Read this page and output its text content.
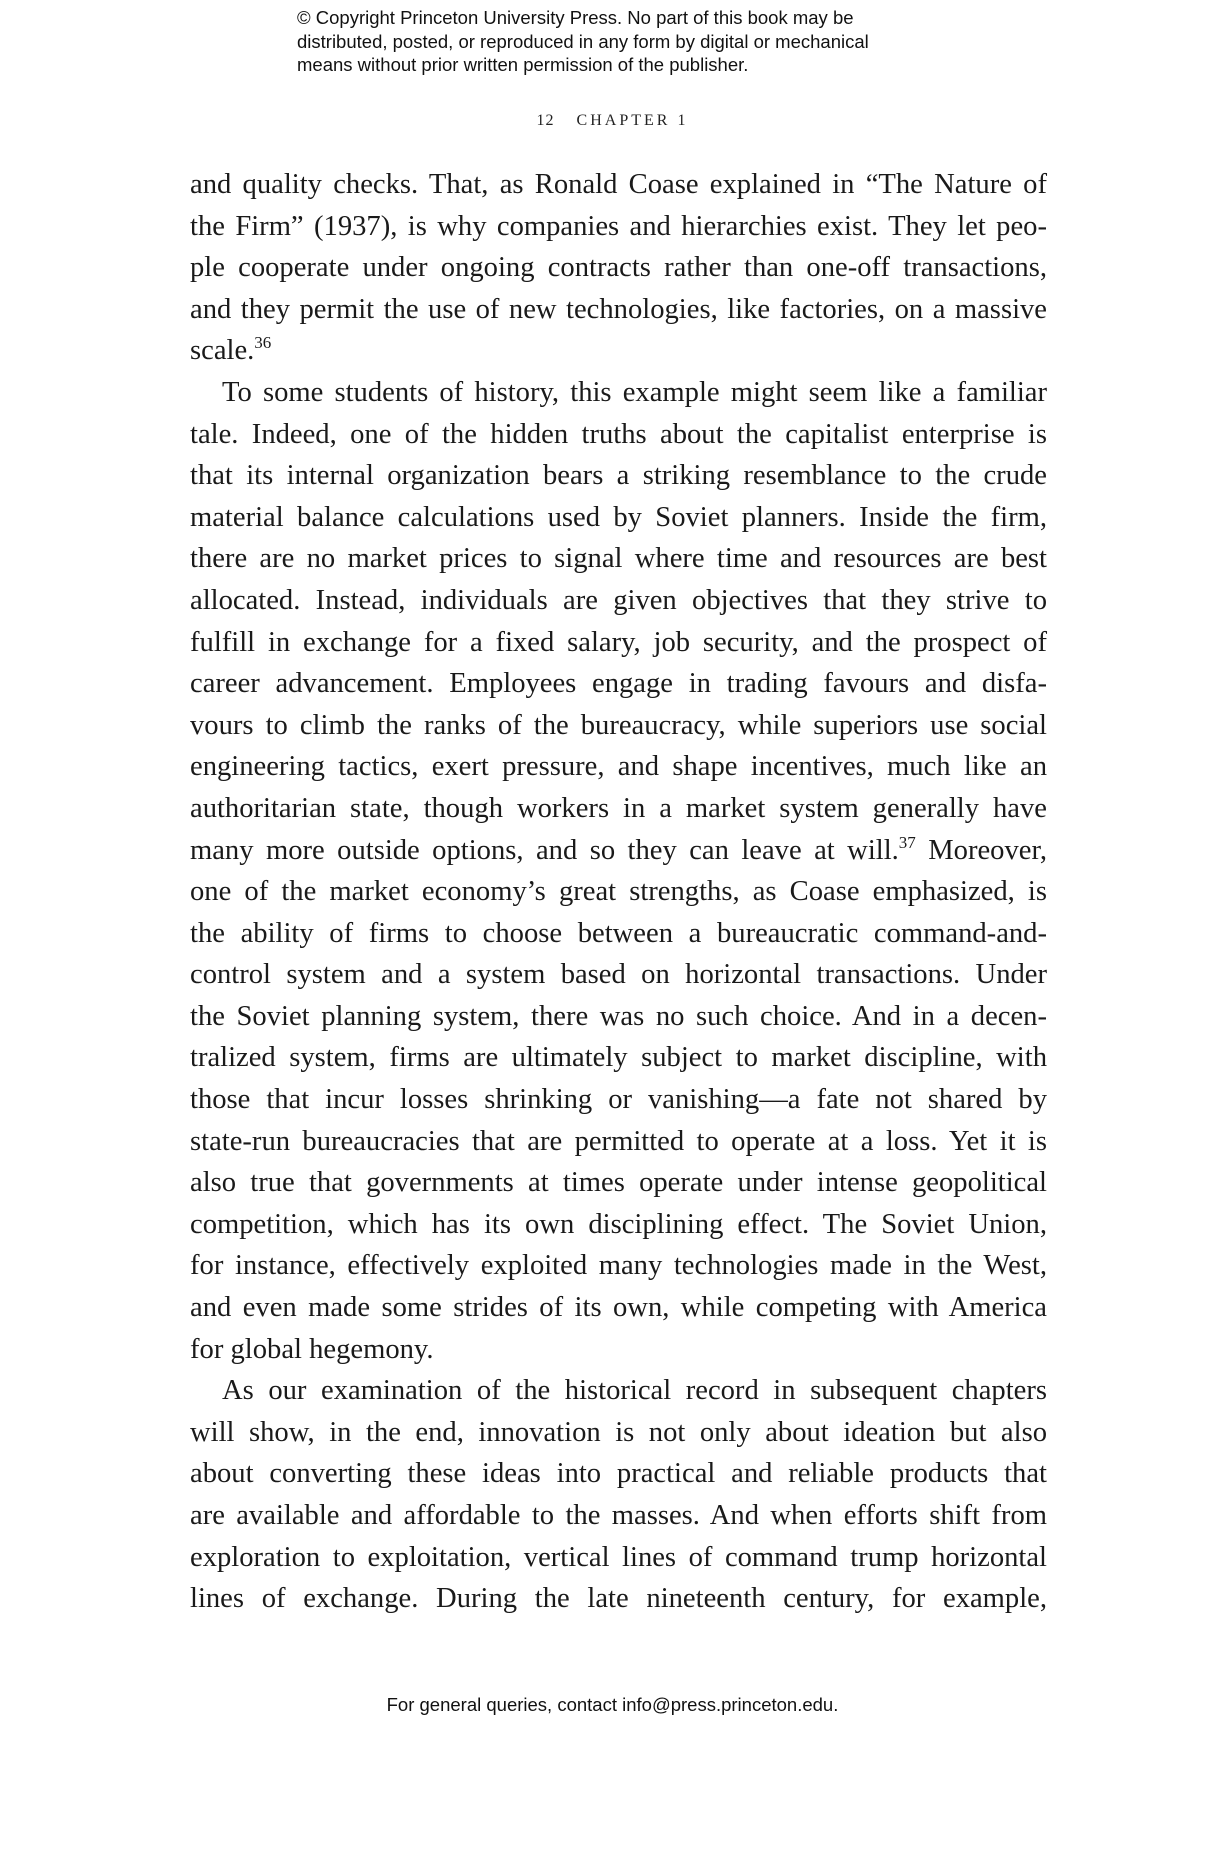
© Copyright Princeton University Press. No part of this book may be
distributed, posted, or reproduced in any form by digital or mechanical
means without prior written permission of the publisher.
12 CHAPTER 1
and quality checks. That, as Ronald Coase explained in “The Nature of
the Firm” (1937), is why companies and hierarchies exist. They let peo-
ple cooperate under ongoing contracts rather than one-off transactions,
and they permit the use of new technologies, like factories, on a massive
scale.$^{36}$
To some students of history, this example might seem like a familiar
tale. Indeed, one of the hidden truths about the capitalist enterprise is
that its internal organization bears a striking resemblance to the crude
material balance calculations used by Soviet planners. Inside the firm,
there are no market prices to signal where time and resources are best
allocated. Instead, individuals are given objectives that they strive to
fulfill in exchange for a fixed salary, job security, and the prospect of
career advancement. Employees engage in trading favours and disfa-
vours to climb the ranks of the bureaucracy, while superiors use social
engineering tactics, exert pressure, and shape incentives, much like an
authoritarian state, though workers in a market system generally have
many more outside options, and so they can leave at will.$^{37}$ Moreover,
one of the market economy’s great strengths, as Coase emphasized, is
the ability of firms to choose between a bureaucratic command-and-
control system and a system based on horizontal transactions. Under
the Soviet planning system, there was no such choice. And in a decen-
tralized system, firms are ultimately subject to market discipline, with
those that incur losses shrinking or vanishing—a fate not shared by
state-run bureaucracies that are permitted to operate at a loss. Yet it is
also true that governments at times operate under intense geopolitical
competition, which has its own disciplining effect. The Soviet Union,
for instance, effectively exploited many technologies made in the West,
and even made some strides of its own, while competing with America
for global hegemony.
As our examination of the historical record in subsequent chapters
will show, in the end, innovation is not only about ideation but also
about converting these ideas into practical and reliable products that
are available and affordable to the masses. And when efforts shift from
exploration to exploitation, vertical lines of command trump horizontal
lines of exchange. During the late nineteenth century, for example,
For general queries, contact info@press.princeton.edu.
